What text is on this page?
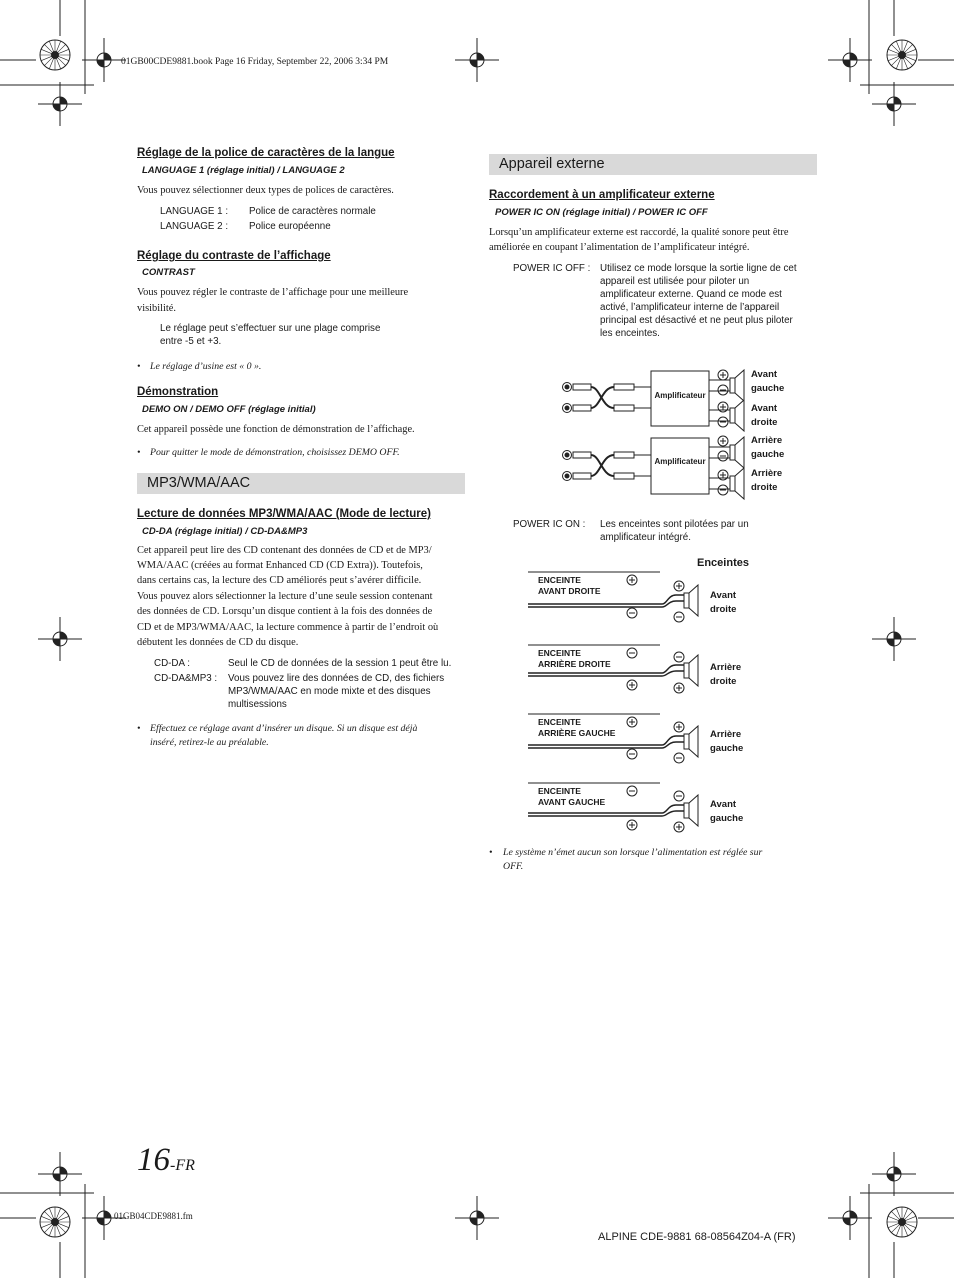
01GB00CDE9881.book Page 16 Friday, September 22, 2006 3:34 PM
Réglage de la police de caractères de la langue
LANGUAGE 1 (réglage initial) / LANGUAGE 2
Vous pouvez sélectionner deux types de polices de caractères.
LANGUAGE 1 : Police de caractères normale
LANGUAGE 2 : Police européenne
Réglage du contraste de l’affichage
CONTRAST
Vous pouvez régler le contraste de l’affichage pour une meilleure
visibilité.
Le réglage peut s’effectuer sur une plage comprise
entre -5 et +3.
• Le réglage d’usine est « 0 ».
Démonstration
DEMO ON / DEMO OFF (réglage initial)
Cet appareil possède une fonction de démonstration de l’affichage.
• Pour quitter le mode de démonstration, choisissez DEMO OFF.
MP3/WMA/AAC
Lecture de données MP3/WMA/AAC (Mode de lecture)
CD-DA (réglage initial) / CD-DA&MP3
Cet appareil peut lire des CD contenant des données de CD et de MP3/
WMA/AAC (créées au format Enhanced CD (CD Extra)). Toutefois,
dans certains cas, la lecture des CD améliorés peut s’avérer difficile.
Vous pouvez alors sélectionner la lecture d’une seule session contenant
des données de CD. Lorsqu’un disque contient à la fois des données de
CD et de MP3/WMA/AAC, la lecture commence à partir de l’endroit où
débutent les données de CD du disque.
CD-DA :	Seul le CD de données de la session 1 peut être lu.
CD-DA&MP3 : Vous pouvez lire des données de CD, des fichiers
MP3/WMA/AAC en mode mixte et des disques
multisessions
• Effectuez ce réglage avant d’insérer un disque. Si un disque est déjà
inséré, retirez-le au préalable.
Appareil externe
Raccordement à un amplificateur externe
POWER IC ON (réglage initial) / POWER IC OFF
Lorsqu’un amplificateur externe est raccordé, la qualité sonore peut être
améliorée en coupant l’alimentation de l’amplificateur intégré.
POWER IC OFF : Utilisez ce mode lorsque la sortie ligne de cet
appareil est utilisée pour piloter un
amplificateur externe. Quand ce mode est
activé, l’amplificateur interne de l’appareil
principal est désactivé et ne peut plus piloter
les enceintes.
Amplificateur
Amplificateur
Avant
gauche
Avant
droite
Arrière
gauche
Arrière
droite
POWER IC ON : Les enceintes sont pilotées par un
amplificateur intégré.
Enceintes
ENCEINTE
AVANT DROITE
ENCEINTE
ARRIÈRE DROITE
ENCEINTE
ARRIÈRE GAUCHE
ENCEINTE
AVANT GAUCHE
Avant
droite
Arrière
droite
Arrière
gauche
Avant
gauche
• Le système n’émet aucun son lorsque l’alimentation est réglée sur
OFF.
16-FR
01GB04CDE9881.fm
ALPINE CDE-9881 68-08564Z04-A (FR)
